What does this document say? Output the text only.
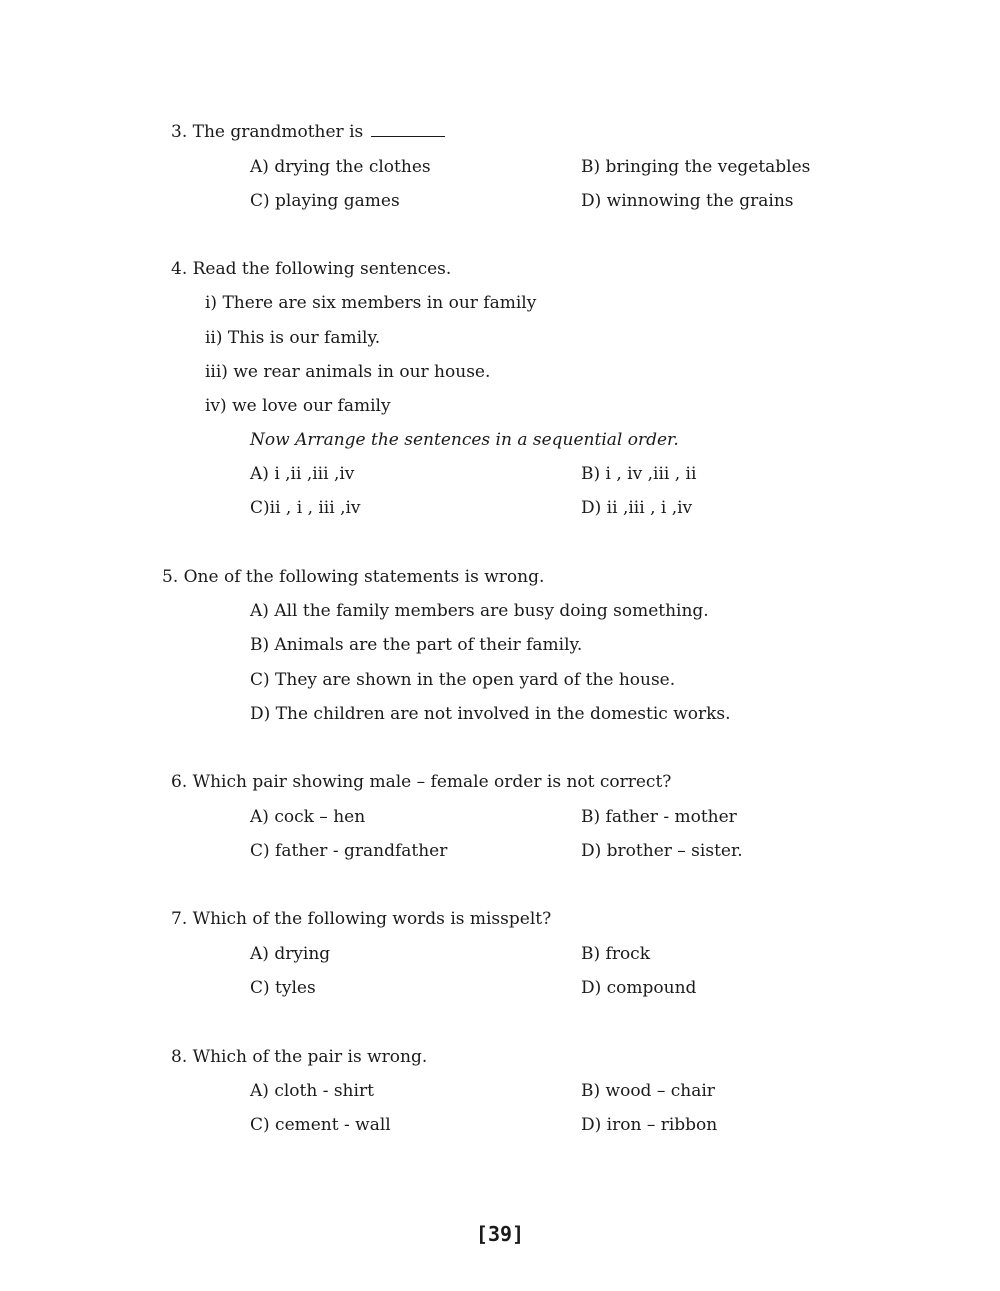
3. The grandmother is
A) drying the clothes	B) bringing the vegetables
C) playing games	D) winnowing the grains
4. Read the following sentences.
i) There are six members in our family
ii) This is our family.
iii) we rear animals in our house.
iv) we love our family
Now Arrange the sentences in a sequential order.
A) i ,ii ,iii ,iv	B) i , iv ,iii , ii
C)ii , i , iii ,iv	D) ii ,iii , i ,iv
5. One of the following statements is wrong.
A) All the family members are busy doing something.
B) Animals are the part of their family.
C) They are shown in the open yard of the house.
D) The children are not involved in the domestic works.
6. Which pair showing male – female order is not correct?
A) cock – hen	B) father - mother
C) father - grandfather	D) brother – sister.
7. Which of the following words is misspelt?
A) drying	B) frock
C) tyles	D) compound
8. Which of the pair is wrong.
A) cloth - shirt	B) wood – chair
C) cement - wall	D) iron – ribbon
[39]
